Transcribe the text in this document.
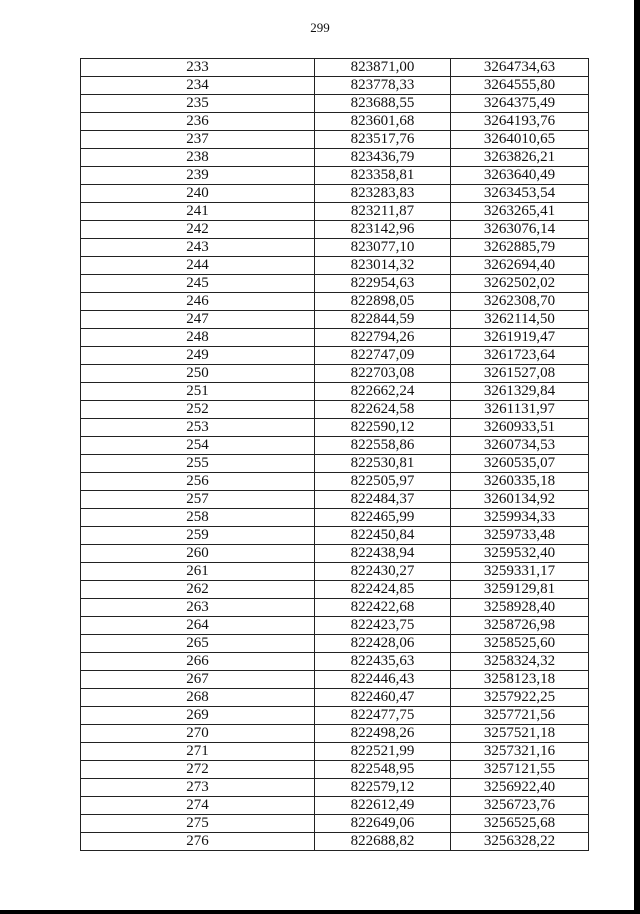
299
233	823871,00	3264734,63
234	823778,33	3264555,80
235	823688,55	3264375,49
236	823601,68	3264193,76
237	823517,76	3264010,65
238	823436,79	3263826,21
239	823358,81	3263640,49
240	823283,83	3263453,54
241	823211,87	3263265,41
242	823142,96	3263076,14
243	823077,10	3262885,79
244	823014,32	3262694,40
245	822954,63	3262502,02
246	822898,05	3262308,70
247	822844,59	3262114,50
248	822794,26	3261919,47
249	822747,09	3261723,64
250	822703,08	3261527,08
251	822662,24	3261329,84
252	822624,58	3261131,97
253	822590,12	3260933,51
254	822558,86	3260734,53
255	822530,81	3260535,07
256	822505,97	3260335,18
257	822484,37	3260134,92
258	822465,99	3259934,33
259	822450,84	3259733,48
260	822438,94	3259532,40
261	822430,27	3259331,17
262	822424,85	3259129,81
263	822422,68	3258928,40
264	822423,75	3258726,98
265	822428,06	3258525,60
266	822435,63	3258324,32
267	822446,43	3258123,18
268	822460,47	3257922,25
269	822477,75	3257721,56
270	822498,26	3257521,18
271	822521,99	3257321,16
272	822548,95	3257121,55
273	822579,12	3256922,40
274	822612,49	3256723,76
275	822649,06	3256525,68
276	822688,82	3256328,22
